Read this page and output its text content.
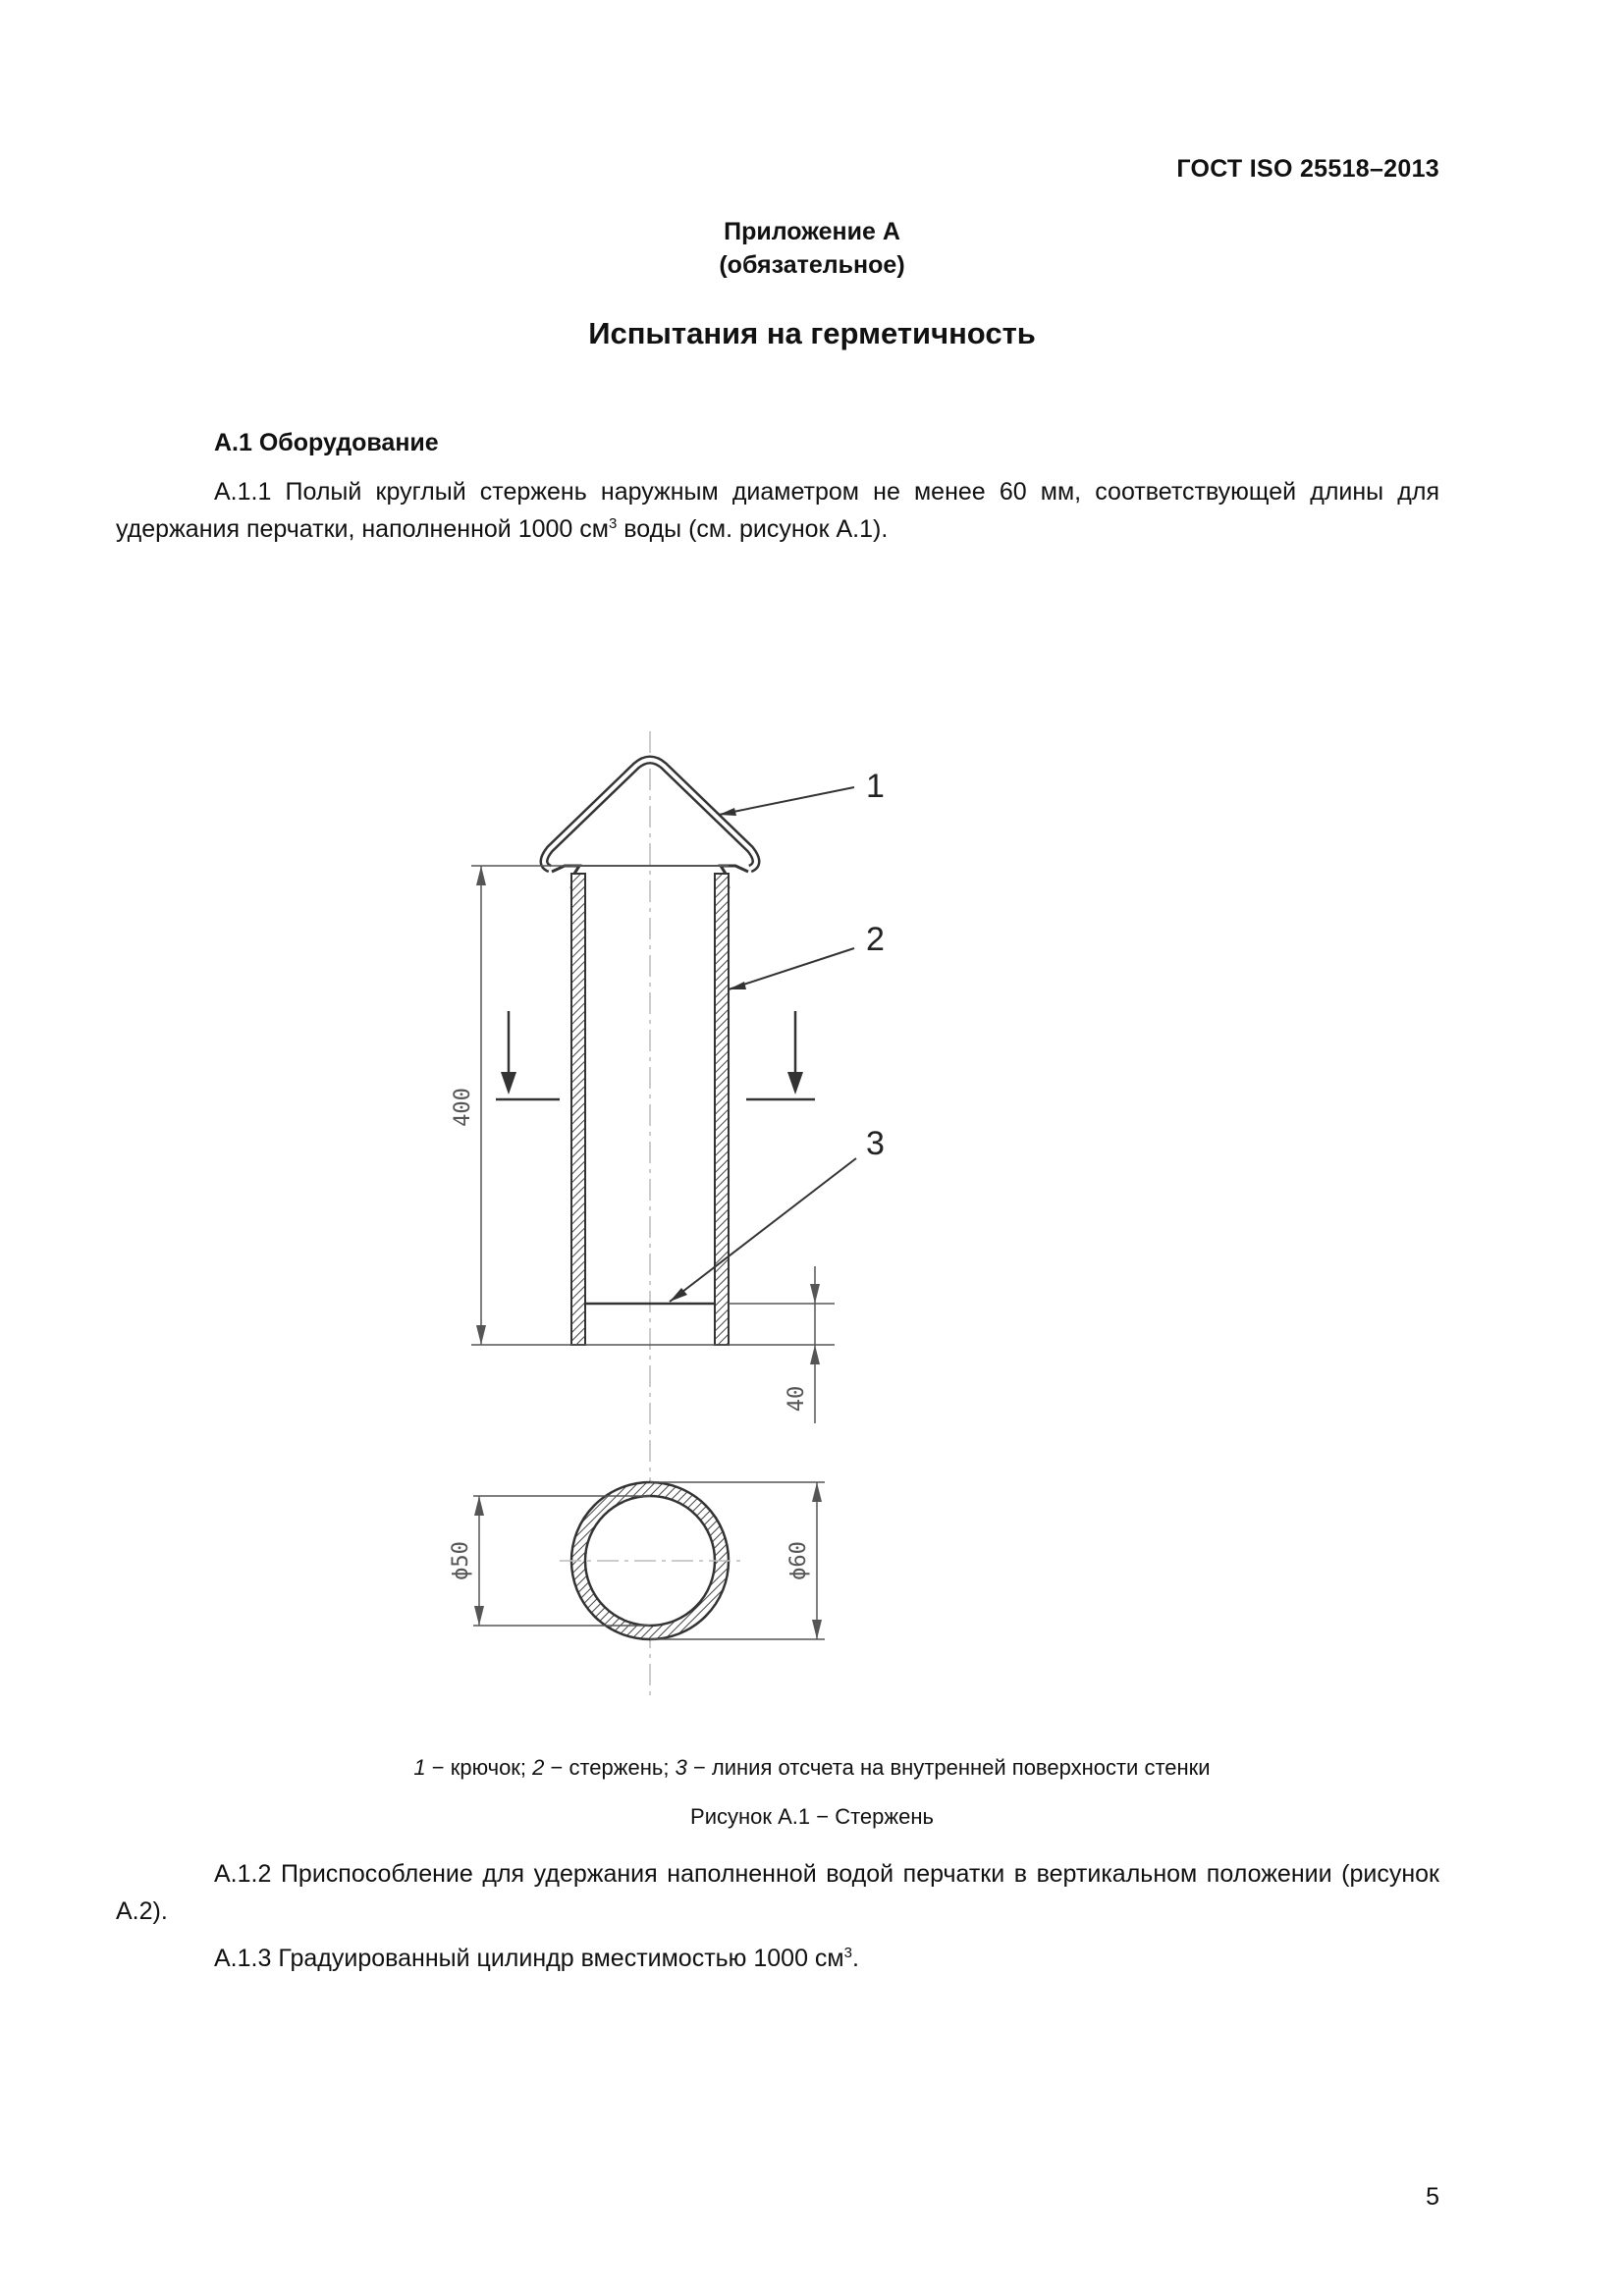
ГОСТ ISO 25518–2013
Приложение А
(обязательное)
Испытания на герметичность
А.1 Оборудование
А.1.1 Полый круглый стержень наружным диаметром не менее 60 мм, соответствующей длины для удержания перчатки, наполненной 1000 $см^3$ воды (см. рисунок А.1).
400
40
1
2
3
ϕ50	ϕ60
1 − крючок; 2 − стержень; 3 − линия отсчета на внутренней поверхности стенки
Рисунок А.1 − Стержень
А.1.2 Приспособление для удержания наполненной водой перчатки в вертикальном положении (рисунок А.2).
А.1.3 Градуированный цилиндр вместимостью 1000 $см^3$.
5
